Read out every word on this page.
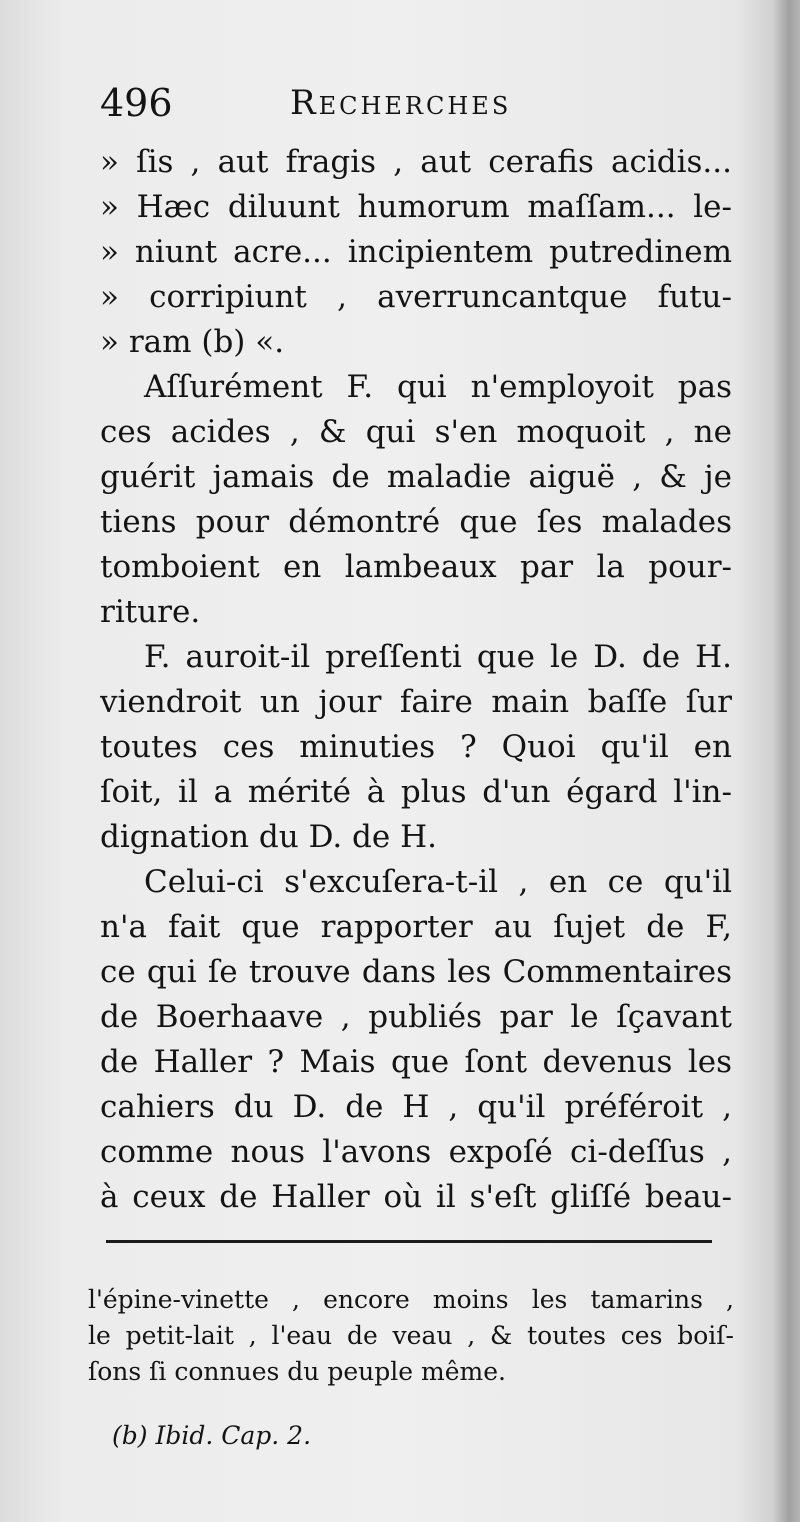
496	Recherches
» ſis , aut fragis , aut cerafis acidis...
» Hæc diluunt humorum maſſam... le-
» niunt acre... incipientem putredinem
» corripiunt , averruncantque futu-
» ram (b) «.
Aſſurément F. qui n'employoit pas
ces acides , & qui s'en moquoit , ne
guérit jamais de maladie aiguë , & je
tiens pour démontré que ſes malades
tomboient en lambeaux par la pour-
riture.
F. auroit-il preſſenti que le D. de H.
viendroit un jour faire main baſſe ſur
toutes ces minuties ? Quoi qu'il en
ſoit, il a mérité à plus d'un égard l'in-
dignation du D. de H.
Celui-ci s'excuſera-t-il , en ce qu'il
n'a fait que rapporter au ſujet de F,
ce qui ſe trouve dans les Commentaires
de Boerhaave , publiés par le ſçavant
de Haller ? Mais que ſont devenus les
cahiers du D. de H , qu'il préféroit ,
comme nous l'avons expoſé ci-deſſus ,
à ceux de Haller où il s'eſt gliſſé beau-
l'épine-vinette , encore moins les tamarins ,
le petit-lait , l'eau de veau , & toutes ces boiſ-
ſons ſi connues du peuple même.
(b) Ibid. Cap. 2.
